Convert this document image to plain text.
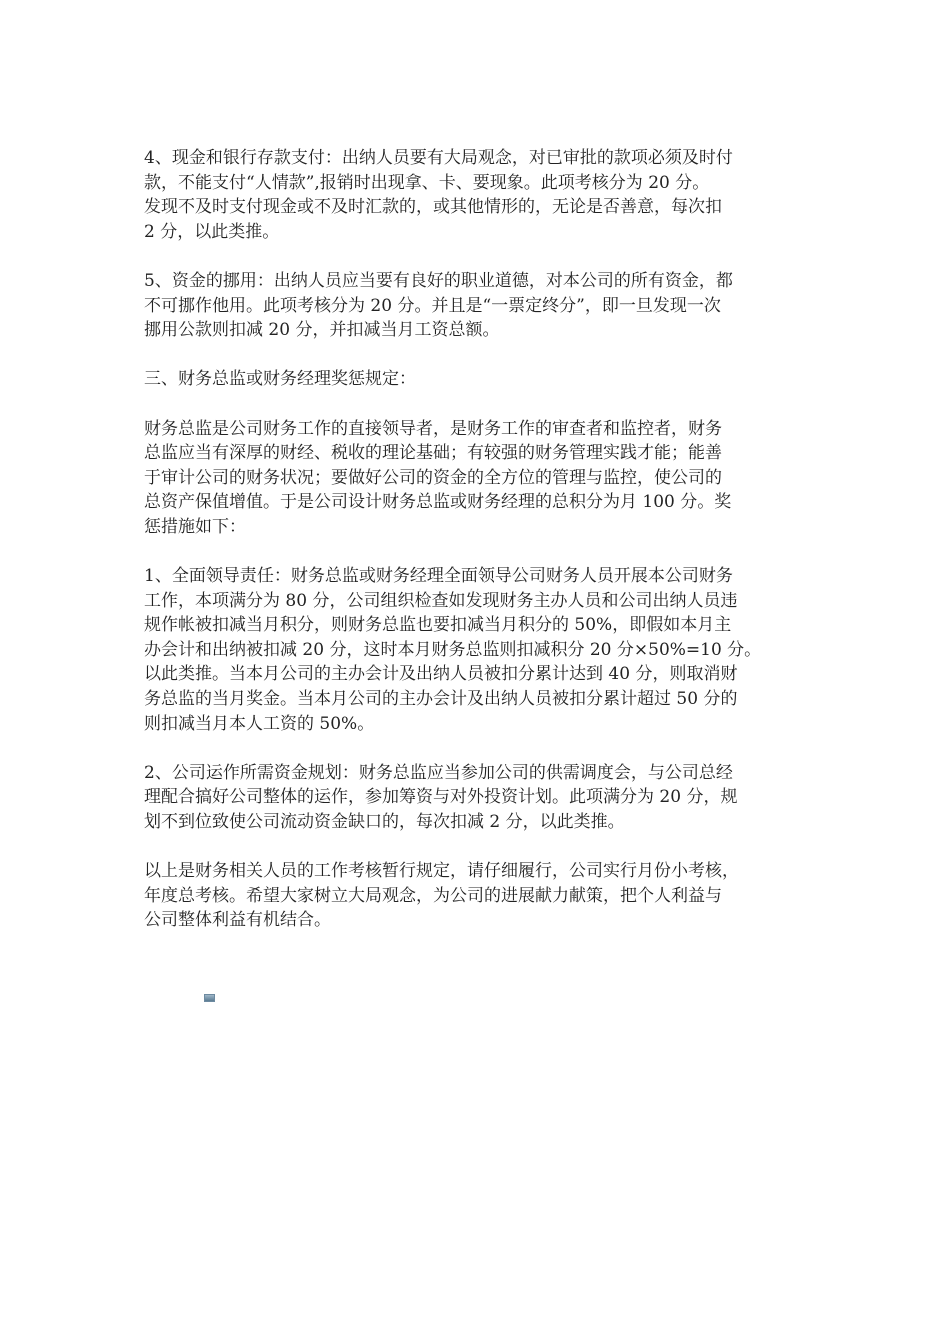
4、现金和银行存款支付：出纳人员要有大局观念，对已审批的款项必须及时付
款，不能支付“人情款”,报销时出现拿、卡、要现象。此项考核分为 20 分。
发现不及时支付现金或不及时汇款的，或其他情形的，无论是否善意，每次扣
2 分，以此类推。

5、资金的挪用：出纳人员应当要有良好的职业道德，对本公司的所有资金，都
不可挪作他用。此项考核分为 20 分。并且是“一票定终分”，即一旦发现一次
挪用公款则扣减 20 分，并扣减当月工资总额。

三、财务总监或财务经理奖惩规定：

财务总监是公司财务工作的直接领导者，是财务工作的审查者和监控者，财务
总监应当有深厚的财经、税收的理论基础；有较强的财务管理实践才能；能善
于审计公司的财务状况；要做好公司的资金的全方位的管理与监控，使公司的
总资产保值增值。于是公司设计财务总监或财务经理的总积分为月 100 分。奖
惩措施如下：

1、全面领导责任：财务总监或财务经理全面领导公司财务人员开展本公司财务
工作，本项满分为 80 分，公司组织检查如发现财务主办人员和公司出纳人员违
规作帐被扣减当月积分，则财务总监也要扣减当月积分的 50%，即假如本月主
办会计和出纳被扣减 20 分，这时本月财务总监则扣减积分 20 分×50%=10 分。
以此类推。当本月公司的主办会计及出纳人员被扣分累计达到 40 分，则取消财
务总监的当月奖金。当本月公司的主办会计及出纳人员被扣分累计超过 50 分的
则扣减当月本人工资的 50%。

2、公司运作所需资金规划：财务总监应当参加公司的供需调度会，与公司总经
理配合搞好公司整体的运作，参加筹资与对外投资计划。此项满分为 20 分，规
划不到位致使公司流动资金缺口的，每次扣减 2 分，以此类推。

以上是财务相关人员的工作考核暂行规定，请仔细履行，公司实行月份小考核，
年度总考核。希望大家树立大局观念，为公司的进展献力献策，把个人利益与
公司整体利益有机结合。
